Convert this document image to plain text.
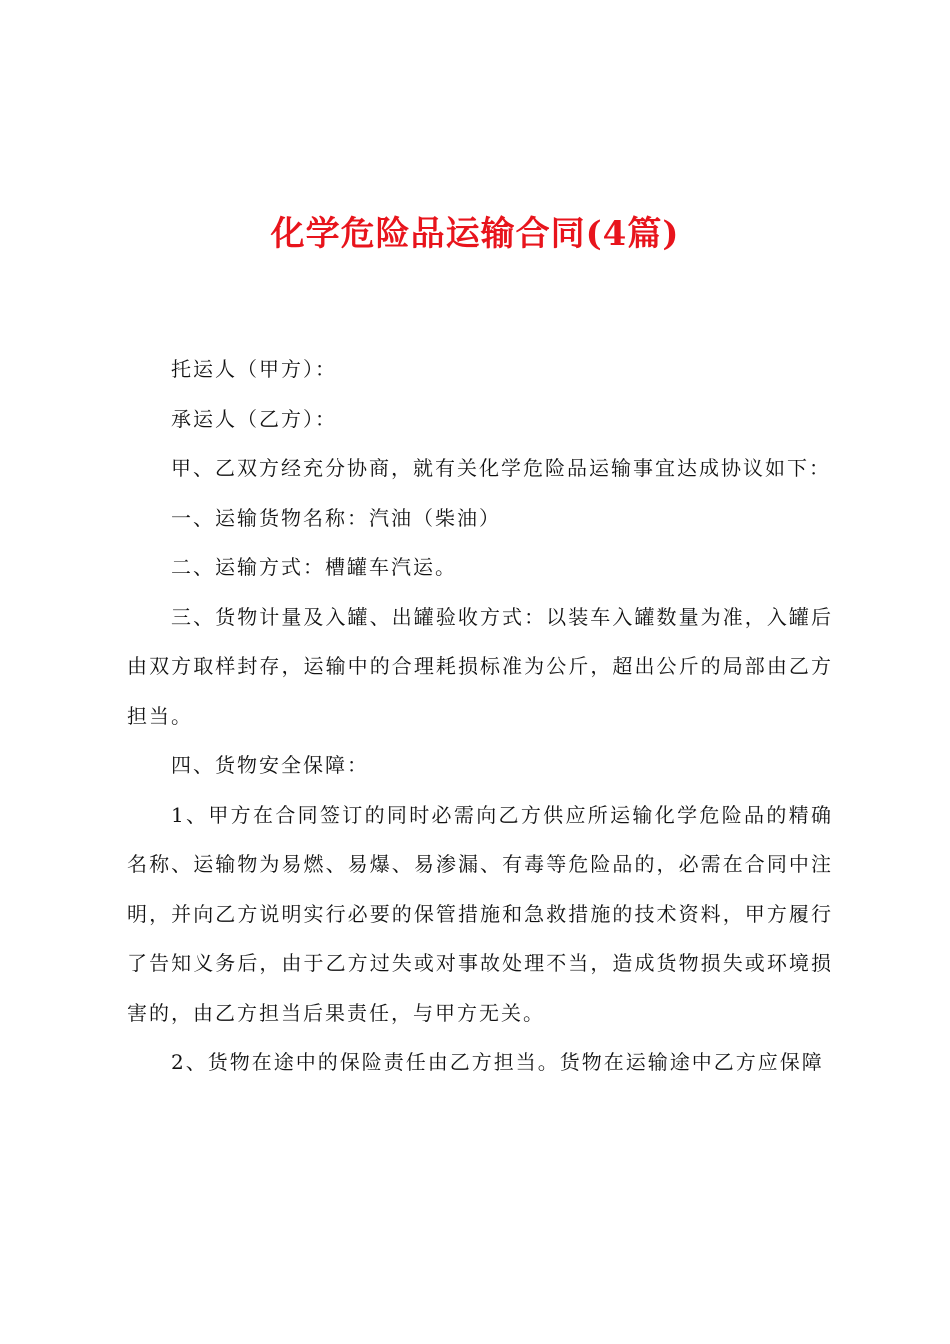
化学危险品运输合同(4篇)

托运人（甲方）：

承运人（乙方）：

甲、乙双方经充分协商，就有关化学危险品运输事宜达成协议如下：

一、运输货物名称：汽油（柴油）

二、运输方式：槽罐车汽运。

三、货物计量及入罐、出罐验收方式：以装车入罐数量为准，入罐后由双方取样封存，运输中的合理耗损标准为公斤，超出公斤的局部由乙方担当。

四、货物安全保障：

1、甲方在合同签订的同时必需向乙方供应所运输化学危险品的精确名称、运输物为易燃、易爆、易渗漏、有毒等危险品的，必需在合同中注明，并向乙方说明实行必要的保管措施和急救措施的技术资料，甲方履行了告知义务后，由于乙方过失或对事故处理不当，造成货物损失或环境损害的，由乙方担当后果责任，与甲方无关。

2、货物在途中的保险责任由乙方担当。货物在运输途中乙方应保障
